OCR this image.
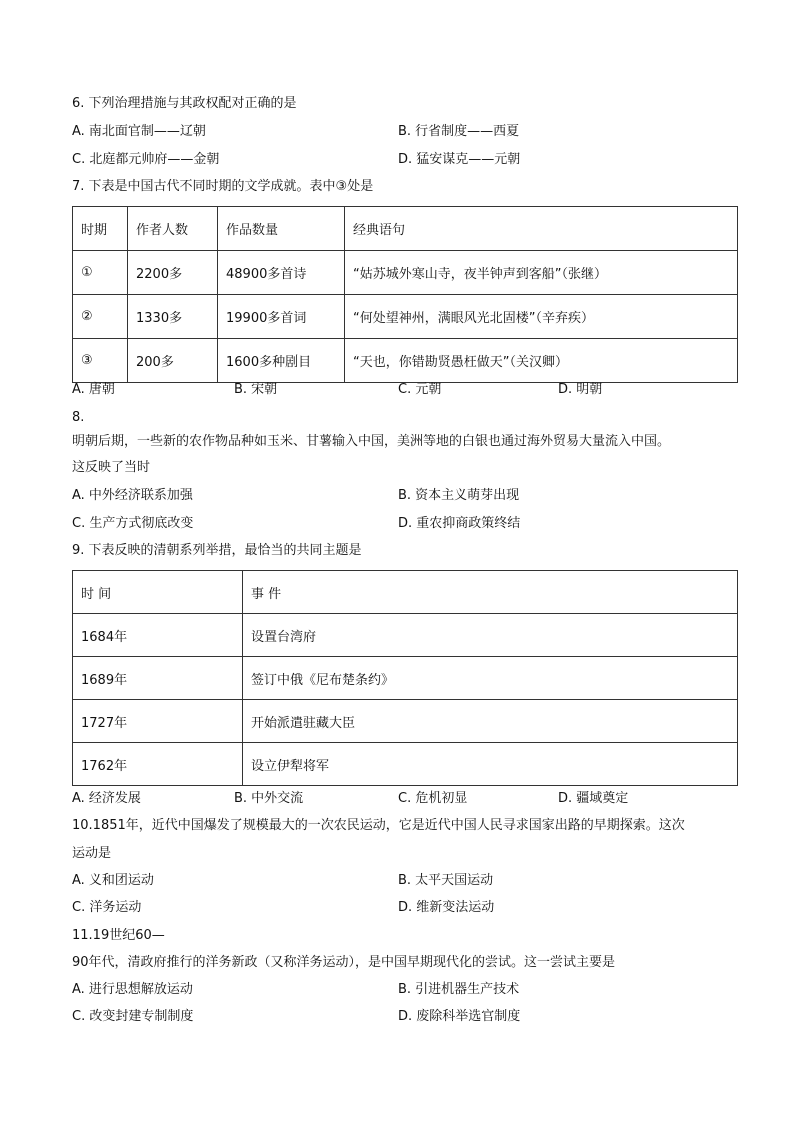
6. 下列治理措施与其政权配对正确的是
A. 南北面官制——辽朝	B. 行省制度——西夏
C. 北庭都元帅府——金朝	D. 猛安谋克——元朝
7. 下表是中国古代不同时期的文学成就。表中③处是
时期	作者人数	作品数量	经典语句
①	2200多	48900多首诗	“姑苏城外寒山寺，夜半钟声到客船”（张继）
②	1330多	19900多首词	“何处望神州，满眼风光北固楼”（辛弃疾）
③	200多	1600多种剧目	“天也，你错勘贤愚枉做天”（关汉卿）
A. 唐朝	B. 宋朝	C. 元朝	D. 明朝
8.
明朝后期，一些新的农作物品种如玉米、甘薯输入中国，美洲等地的白银也通过海外贸易大量流入中国。
这反映了当时
A. 中外经济联系加强	B. 资本主义萌芽出现
C. 生产方式彻底改变	D. 重农抑商政策终结
9. 下表反映的清朝系列举措，最恰当的共同主题是
时 间	事 件
1684年	设置台湾府
1689年	签订中俄《尼布楚条约》
1727年	开始派遣驻藏大臣
1762年	设立伊犁将军
A. 经济发展	B. 中外交流	C. 危机初显	D. 疆域奠定
10.1851年，近代中国爆发了规模最大的一次农民运动，它是近代中国人民寻求国家出路的早期探索。这次
运动是
A. 义和团运动	B. 太平天国运动
C. 洋务运动	D. 维新变法运动
11.19世纪60—
90年代，清政府推行的洋务新政（又称洋务运动），是中国早期现代化的尝试。这一尝试主要是
A. 进行思想解放运动	B. 引进机器生产技术
C. 改变封建专制制度	D. 废除科举选官制度
